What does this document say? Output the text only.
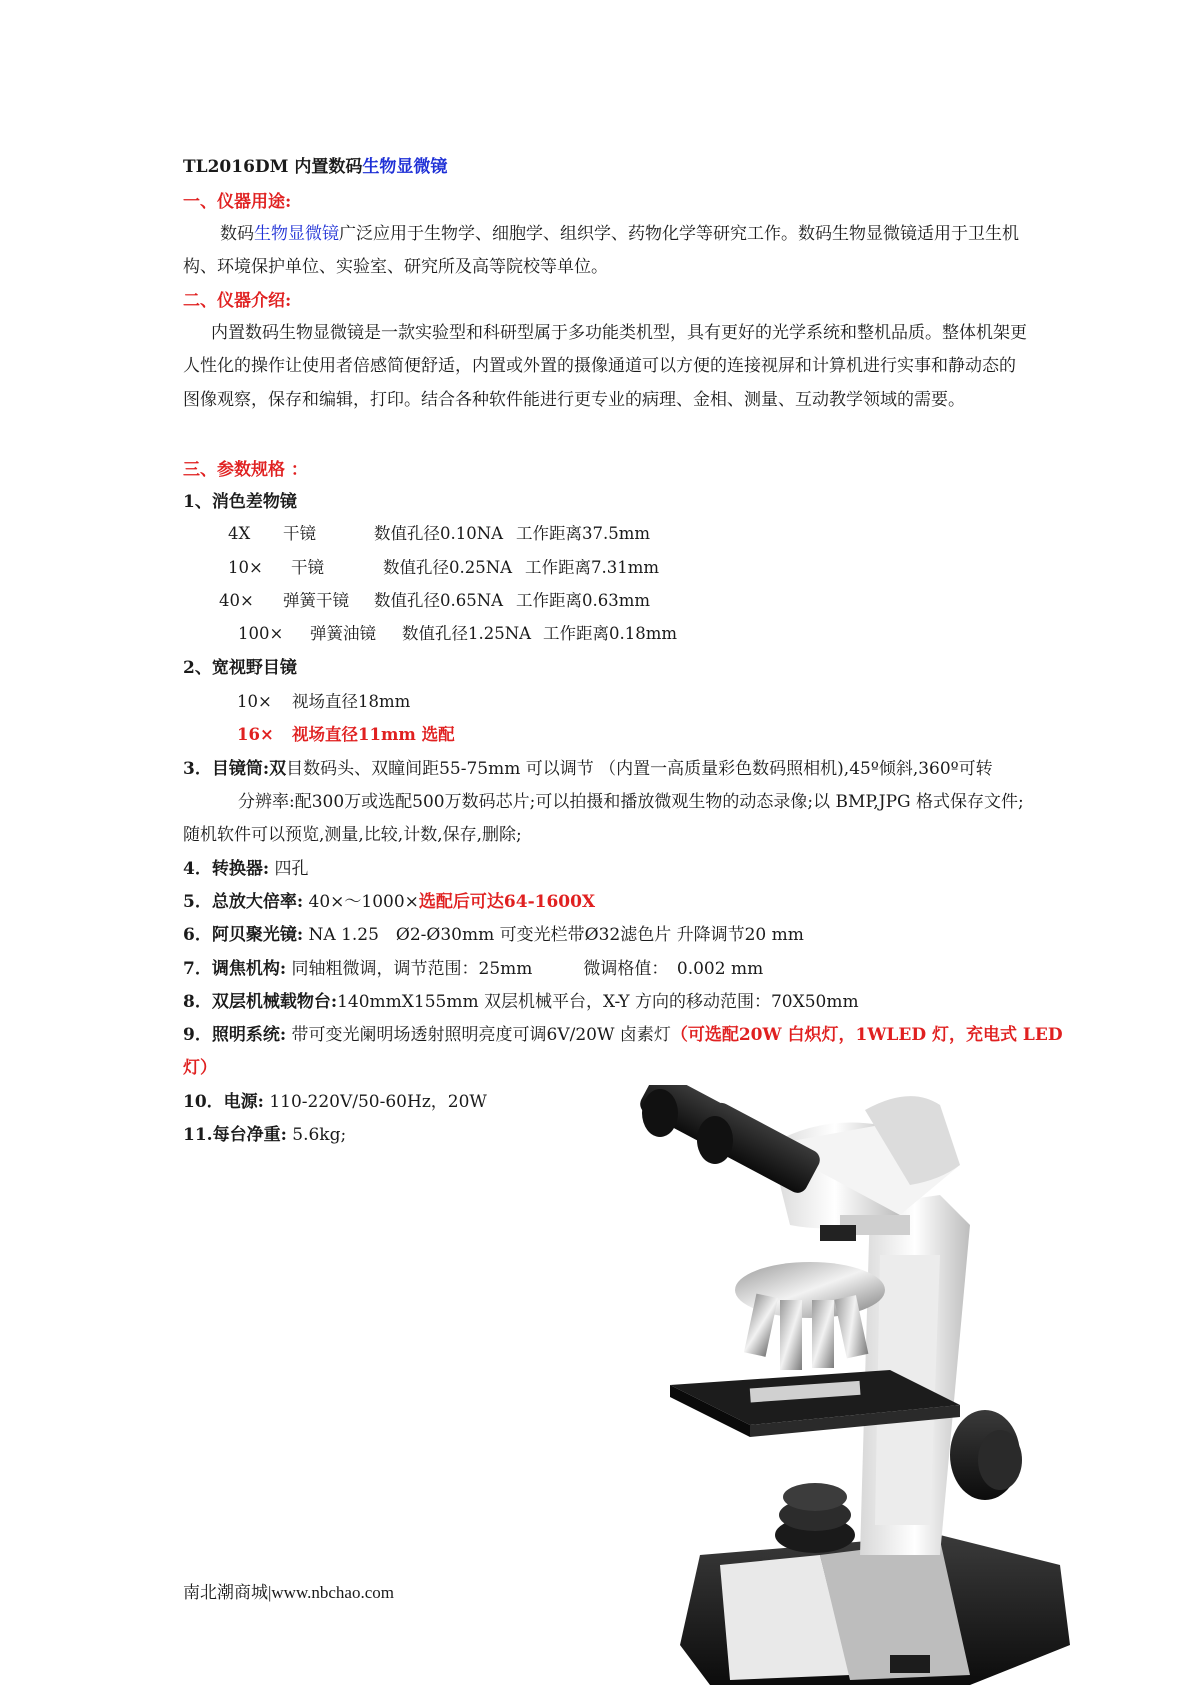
TL2016DM 内置数码生物显微镜
一、仪器用途:
数码生物显微镜广泛应用于生物学、细胞学、组织学、药物化学等研究工作。数码生物显微镜适用于卫生机构、环境保护单位、实验室、研究所及高等院校等单位。
二、仪器介绍:
内置数码生物显微镜是一款实验型和科研型属于多功能类机型，具有更好的光学系统和整机品质。整体机架更人性化的操作让使用者倍感简便舒适，内置或外置的摄像通道可以方便的连接视屏和计算机进行实事和静动态的图像观察，保存和编辑，打印。结合各种软件能进行更专业的病理、金相、测量、互动教学领域的需要。
三、参数规格 ：
1、消色差物镜
4X 干镜	数值孔径0.10NA 工作距离37.5mm
10× 干镜	数值孔径0.25NA 工作距离7.31mm
40× 弹簧干镜 数值孔径0.65NA 工作距离0.63mm
100× 弹簧油镜 数值孔径1.25NA 工作距离0.18mm
2、宽视野目镜
10× 视场直径18mm
16× 视场直径11mm 选配
3．目镜筒:双目数码头、双瞳间距55-75mm 可以调节 （内置一高质量彩色数码照相机),45º倾斜,360º可转
分辨率:配300万或选配500万数码芯片;可以拍摄和播放微观生物的动态录像;以 BMP,JPG 格式保存文件;随机软件可以预览,测量,比较,计数,保存,删除;
4．转换器: 四孔
5．总放大倍率: 40×～1000×选配后可达64-1600X
6．阿贝聚光镜: NA 1.25　Ø2-Ø30mm 可变光栏带Ø32滤色片 升降调节20 mm
7．调焦机构: 同轴粗微调，调节范围：25mm　　　微调格值：　0.002 mm
8．双层机械载物台:140mmX155mm 双层机械平台，X-Y 方向的移动范围：70X50mm
9．照明系统: 带可变光阑明场透射照明亮度可调6V/20W 卤素灯（可选配20W 白炽灯，1WLED 灯，充电式 LED
灯）
10．电源: 110-220V/50-60Hz，20W
11.每台净重: 5.6kg;
南北潮商城|www.nbchao.com
